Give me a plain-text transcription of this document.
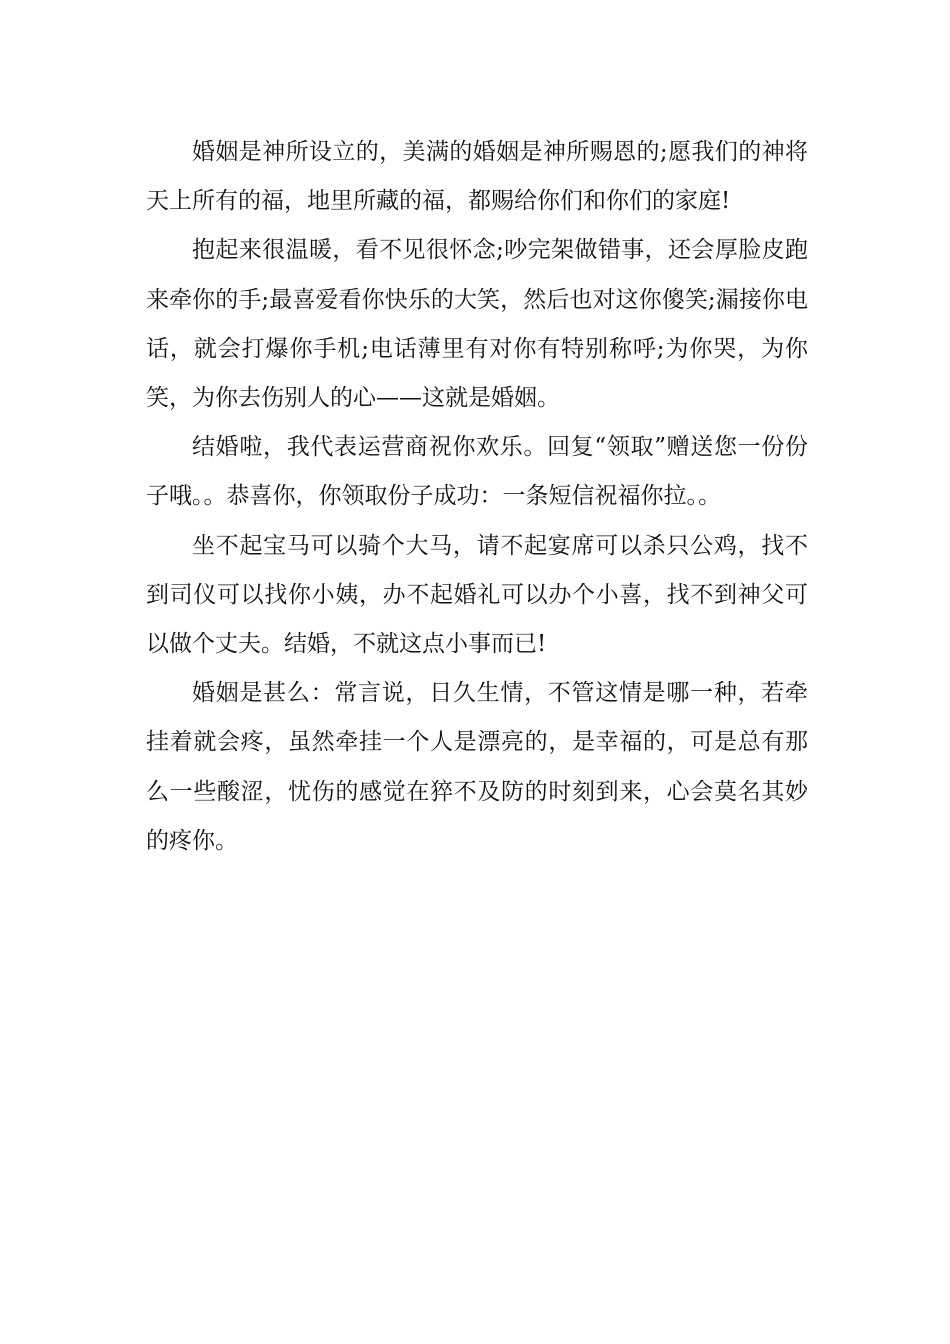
婚姻是神所设立的，美满的婚姻是神所赐恩的;愿我们的神将天上所有的福，地里所藏的福，都赐给你们和你们的家庭!

抱起来很温暖，看不见很怀念;吵完架做错事，还会厚脸皮跑来牵你的手;最喜爱看你快乐的大笑，然后也对这你傻笑;漏接你电话，就会打爆你手机;电话薄里有对你有特别称呼;为你哭，为你笑，为你去伤别人的心——这就是婚姻。

结婚啦，我代表运营商祝你欢乐。回复“领取”赠送您一份份子哦。。恭喜你，你领取份子成功：一条短信祝福你拉。。

坐不起宝马可以骑个大马，请不起宴席可以杀只公鸡，找不到司仪可以找你小姨，办不起婚礼可以办个小喜，找不到神父可以做个丈夫。结婚，不就这点小事而已!

婚姻是甚么：常言说，日久生情，不管这情是哪一种，若牵挂着就会疼，虽然牵挂一个人是漂亮的，是幸福的，可是总有那么一些酸涩，忧伤的感觉在猝不及防的时刻到来，心会莫名其妙的疼你。
